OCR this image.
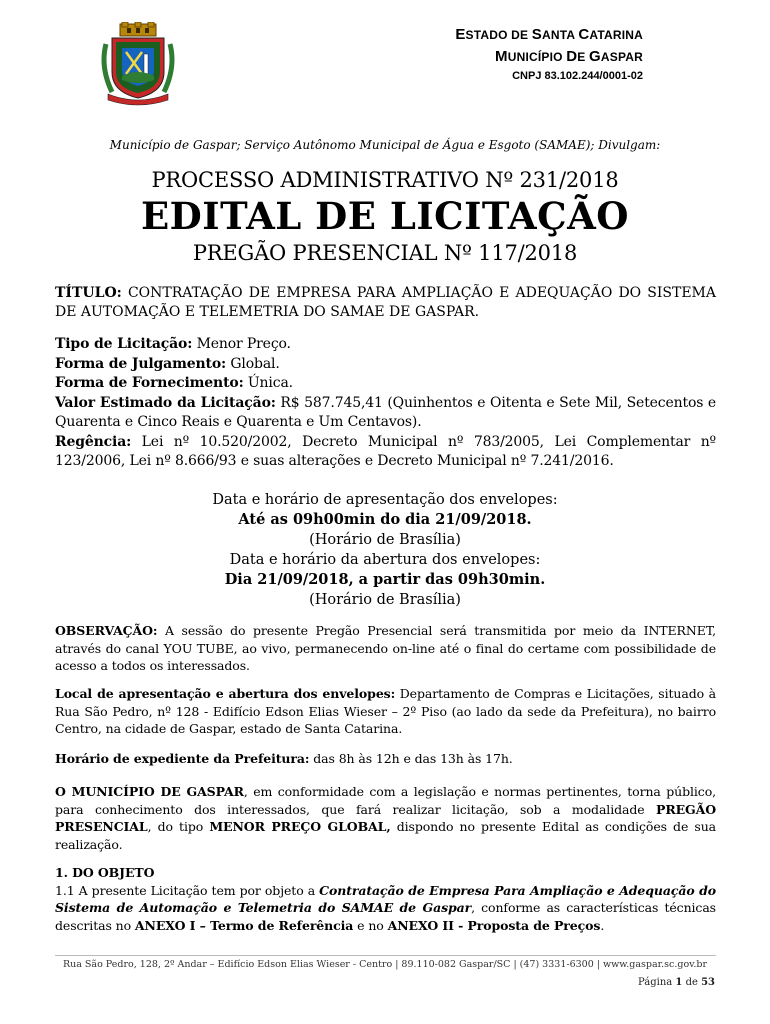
ESTADO DE SANTA CATARINA
MUNICÍPIO DE GASPAR
CNPJ 83.102.244/0001-02
Município de Gaspar; Serviço Autônomo Municipal de Água e Esgoto (SAMAE); Divulgam:
PROCESSO ADMINISTRATIVO Nº 231/2018
EDITAL DE LICITAÇÃO
PREGÃO PRESENCIAL Nº 117/2018
TÍTULO: CONTRATAÇÃO DE EMPRESA PARA AMPLIAÇÃO E ADEQUAÇÃO DO SISTEMA DE AUTOMAÇÃO E TELEMETRIA DO SAMAE DE GASPAR.

Tipo de Licitação: Menor Preço.

Forma de Julgamento: Global.

Forma de Fornecimento: Única.

Valor Estimado da Licitação: R$ 587.745,41 (Quinhentos e Oitenta e Sete Mil, Setecentos e Quarenta e Cinco Reais e Quarenta e Um Centavos).

Regência: Lei nº 10.520/2002, Decreto Municipal nº 783/2005, Lei Complementar nº 123/2006, Lei nº 8.666/93 e suas alterações e Decreto Municipal nº 7.241/2016.

Data e horário de apresentação dos envelopes:
Até as 09h00min do dia 21/09/2018.
(Horário de Brasília)
Data e horário da abertura dos envelopes:
Dia 21/09/2018, a partir das 09h30min.
(Horário de Brasília)
OBSERVAÇÃO: A sessão do presente Pregão Presencial será transmitida por meio da INTERNET, através do canal YOU TUBE, ao vivo, permanecendo on-line até o final do certame com possibilidade de acesso a todos os interessados.
Local de apresentação e abertura dos envelopes: Departamento de Compras e Licitações, situado à Rua São Pedro, nº 128 - Edifício Edson Elias Wieser – 2º Piso (ao lado da sede da Prefeitura), no bairro Centro, na cidade de Gaspar, estado de Santa Catarina.
Horário de expediente da Prefeitura: das 8h às 12h e das 13h às 17h.
O MUNICÍPIO DE GASPAR, em conformidade com a legislação e normas pertinentes, torna público, para conhecimento dos interessados, que fará realizar licitação, sob a modalidade PREGÃO PRESENCIAL, do tipo MENOR PREÇO GLOBAL, dispondo no presente Edital as condições de sua realização.

1. DO OBJETO

1.1 A presente Licitação tem por objeto a Contratação de Empresa Para Ampliação e Adequação do Sistema de Automação e Telemetria do SAMAE de Gaspar, conforme as características técnicas descritas no ANEXO I – Termo de Referência e no ANEXO II - Proposta de Preços.

Rua São Pedro, 128, 2º Andar – Edifício Edson Elias Wieser - Centro | 89.110-082 Gaspar/SC | (47) 3331-6300 | www.gaspar.sc.gov.br
Página 1 de 53
